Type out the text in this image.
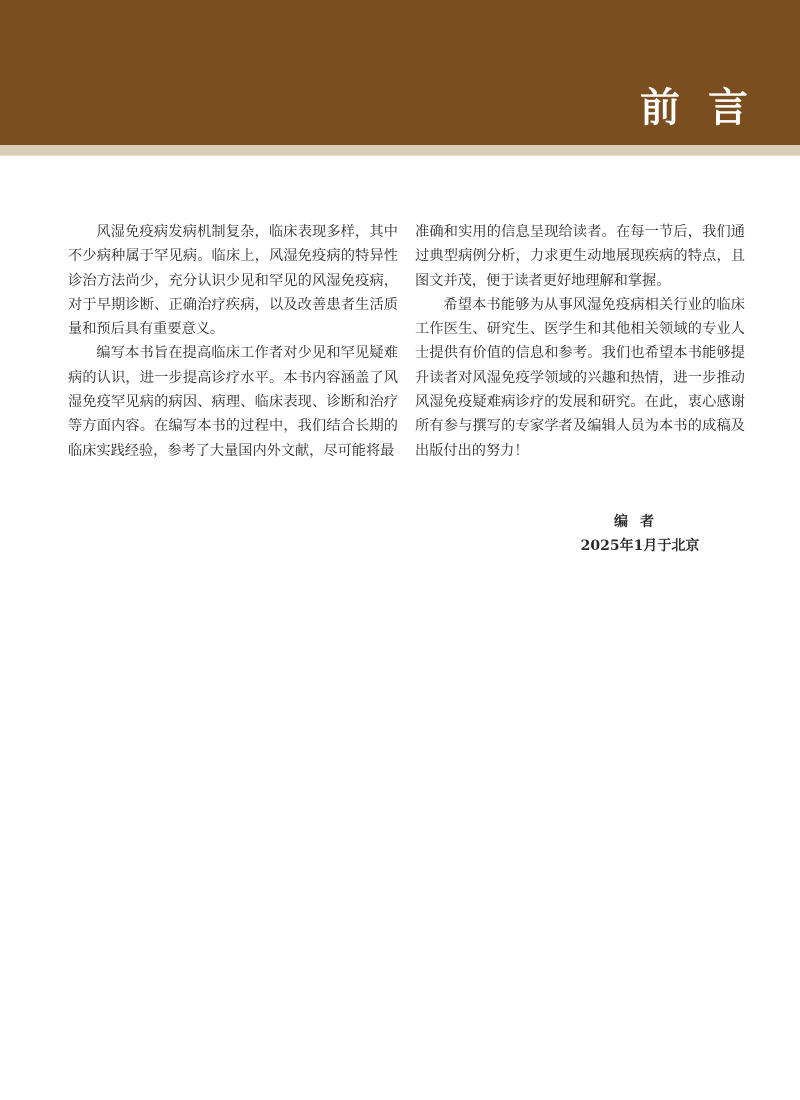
前言

风湿免疫病发病机制复杂，临床表现多样，其中不少病种属于罕见病。临床上，风湿免疫病的特异性诊治方法尚少，充分认识少见和罕见的风湿免疫病，对于早期诊断、正确治疗疾病，以及改善患者生活质量和预后具有重要意义。

编写本书旨在提高临床工作者对少见和罕见疑难病的认识，进一步提高诊疗水平。本书内容涵盖了风湿免疫罕见病的病因、病理、临床表现、诊断和治疗等方面内容。在编写本书的过程中，我们结合长期的临床实践经验，参考了大量国内外文献，尽可能将最

准确和实用的信息呈现给读者。在每一节后，我们通过典型病例分析，力求更生动地展现疾病的特点，且图文并茂，便于读者更好地理解和掌握。

希望本书能够为从事风湿免疫病相关行业的临床工作医生、研究生、医学生和其他相关领域的专业人士提供有价值的信息和参考。我们也希望本书能够提升读者对风湿免疫学领域的兴趣和热情，进一步推动风湿免疫疑难病诊疗的发展和研究。在此，衷心感谢所有参与撰写的专家学者及编辑人员为本书的成稿及出版付出的努力！

编者
2025年1月于北京
